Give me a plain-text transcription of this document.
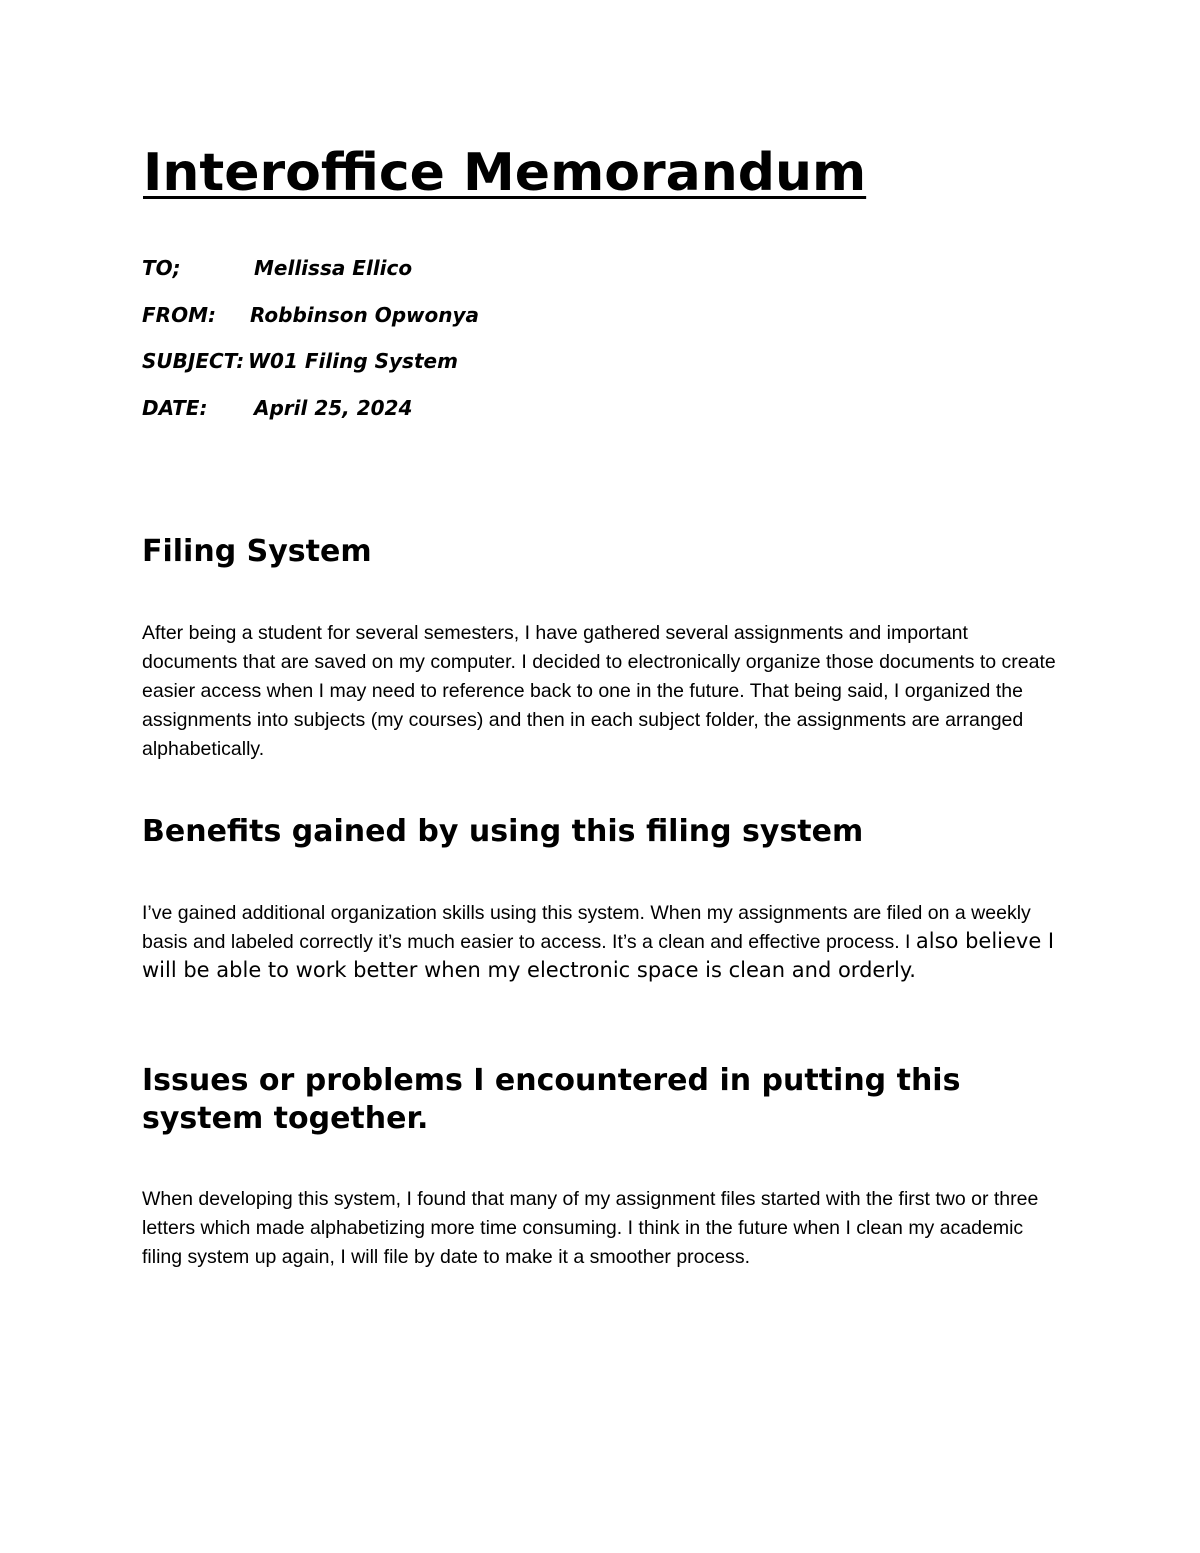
Interoffice Memorandum
TO;	Mellissa Ellico
FROM: Robbinson Opwonya
SUBJECT: W01 Filing System
DATE: April 25, 2024
Filing System

After being a student for several semesters, I have gathered several assignments and important documents that are saved on my computer. I decided to electronically organize those documents to create easier access when I may need to reference back to one in the future. That being said, I organized the assignments into subjects (my courses) and then in each subject folder, the assignments are arranged alphabetically.

Benefits gained by using this filing system

I’ve gained additional organization skills using this system. When my assignments are filed on a weekly basis and labeled correctly it’s much easier to access. It’s a clean and effective process. I also believe I will be able to work better when my electronic space is clean and orderly.

Issues or problems I encountered in putting this system together.

When developing this system, I found that many of my assignment files started with the first two or three letters which made alphabetizing more time consuming. I think in the future when I clean my academic filing system up again, I will file by date to make it a smoother process.
